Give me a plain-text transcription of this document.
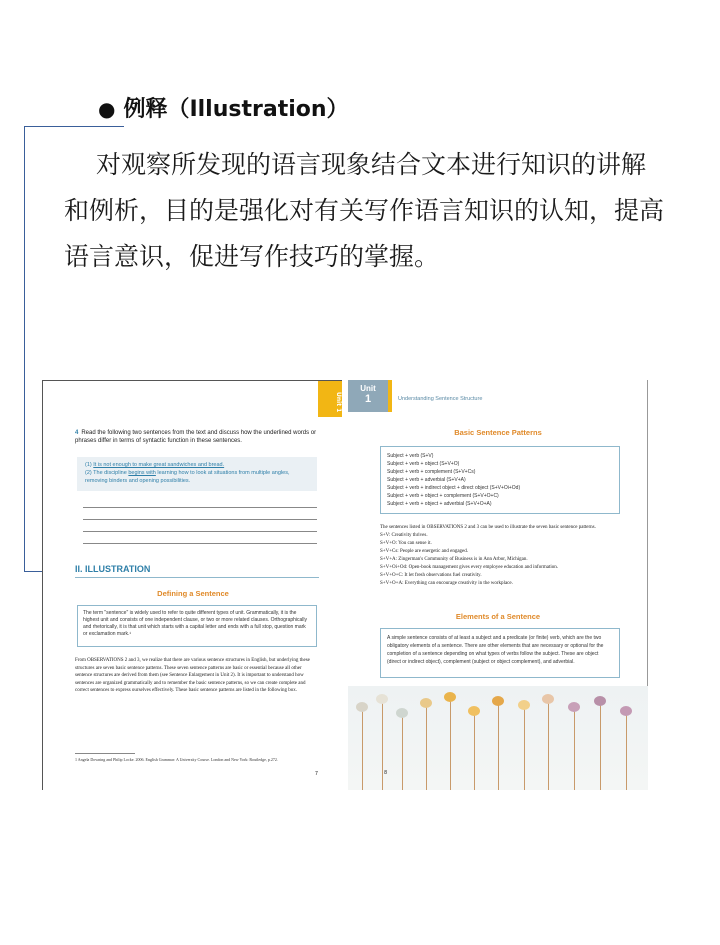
● 例释（Illustration）

对观察所发现的语言现象结合文本进行知识的讲解和例析，目的是强化对有关写作语言知识的认知，提高语言意识，促进写作技巧的掌握。

Unit 1
4 Read the following two sentences from the text and discuss how the underlined words or phrases differ in terms of syntactic function in these sentences.
(1) It is not enough to make great sandwiches and bread.
(2) The discipline begins with learning how to look at situations from multiple angles, removing binders and opening possibilities.
II. ILLUSTRATION
Defining a Sentence
The term "sentence" is widely used to refer to quite different types of unit. Grammatically, it is the highest unit and consists of one independent clause, or two or more related clauses. Orthographically and rhetorically, it is that unit which starts with a capital letter and ends with a full stop, question mark or exclamation mark.¹

From OBSERVATIONS 2 and 3, we realize that there are various sentence structures in English, but underlying these structures are seven basic sentence patterns. These seven sentence patterns are basic or essential because all other sentence structures are derived from them (see Sentence Enlargement in Unit 2). It is important to understand how sentences are organized grammatically and to remember the basic sentence patterns, so we can create complete and correct sentences to express ourselves effectively. These basic sentence patterns are listed in the following box.

1 Angela Downing and Philip Locke. 2006. English Grammar: A University Course. London and New York: Routledge, p.272.

7
Unit
1	Understanding Sentence Structure
Basic Sentence Patterns
Subject + verb (S+V)
Subject + verb + object (S+V+O)
Subject + verb + complement (S+V+Cs)
Subject + verb + adverbial (S+V+A)
Subject + verb + indirect object + direct object (S+V+Oi+Od)
Subject + verb + object + complement (S+V+O+C)
Subject + verb + object + adverbial (S+V+O+A)
The sentences listed in OBSERVATIONS 2 and 3 can be used to illustrate the seven basic sentence patterns.
S+V: Creativity thrives.
S+V+O: You can sense it.
S+V+Cs: People are energetic and engaged.
S+V+A: Zingerman's Community of Business is in Ann Arbor, Michigan.
S+V+Oi+Od: Open-book management gives every employee education and information.
S+V+O+C: It let fresh observations fuel creativity.
S+V+O+A: Everything can encourage creativity in the workplace.
Elements of a Sentence
A simple sentence consists of at least a subject and a predicate (or finite) verb, which are the two obligatory elements of a sentence. There are other elements that are necessary or optional for the completion of a sentence depending on what types of verbs follow the subject. These are object (direct or indirect object), complement (subject or object complement), and adverbial.
8
